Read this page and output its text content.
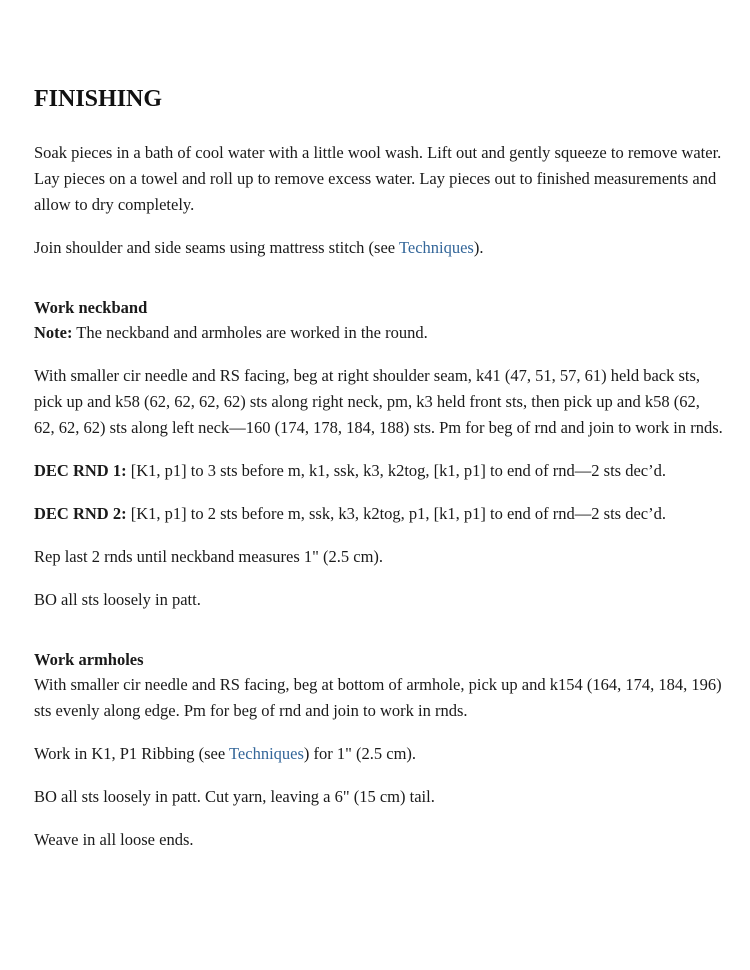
FINISHING

Soak pieces in a bath of cool water with a little wool wash. Lift out and gently squeeze to remove water. Lay pieces on a towel and roll up to remove excess water. Lay pieces out to finished measurements and allow to dry completely.

Join shoulder and side seams using mattress stitch (see Techniques).

Work neckband

Note: The neckband and armholes are worked in the round.

With smaller cir needle and RS facing, beg at right shoulder seam, k41 (47, 51, 57, 61) held back sts, pick up and k58 (62, 62, 62, 62) sts along right neck, pm, k3 held front sts, then pick up and k58 (62, 62, 62, 62) sts along left neck—160 (174, 178, 184, 188) sts. Pm for beg of rnd and join to work in rnds.

DEC RND 1: [K1, p1] to 3 sts before m, k1, ssk, k3, k2tog, [k1, p1] to end of rnd—2 sts dec’d.

DEC RND 2: [K1, p1] to 2 sts before m, ssk, k3, k2tog, p1, [k1, p1] to end of rnd—2 sts dec’d.

Rep last 2 rnds until neckband measures 1" (2.5 cm).

BO all sts loosely in patt.

Work armholes

With smaller cir needle and RS facing, beg at bottom of armhole, pick up and k154 (164, 174, 184, 196) sts evenly along edge. Pm for beg of rnd and join to work in rnds.

Work in K1, P1 Ribbing (see Techniques) for 1" (2.5 cm).

BO all sts loosely in patt. Cut yarn, leaving a 6" (15 cm) tail.

Weave in all loose ends.
